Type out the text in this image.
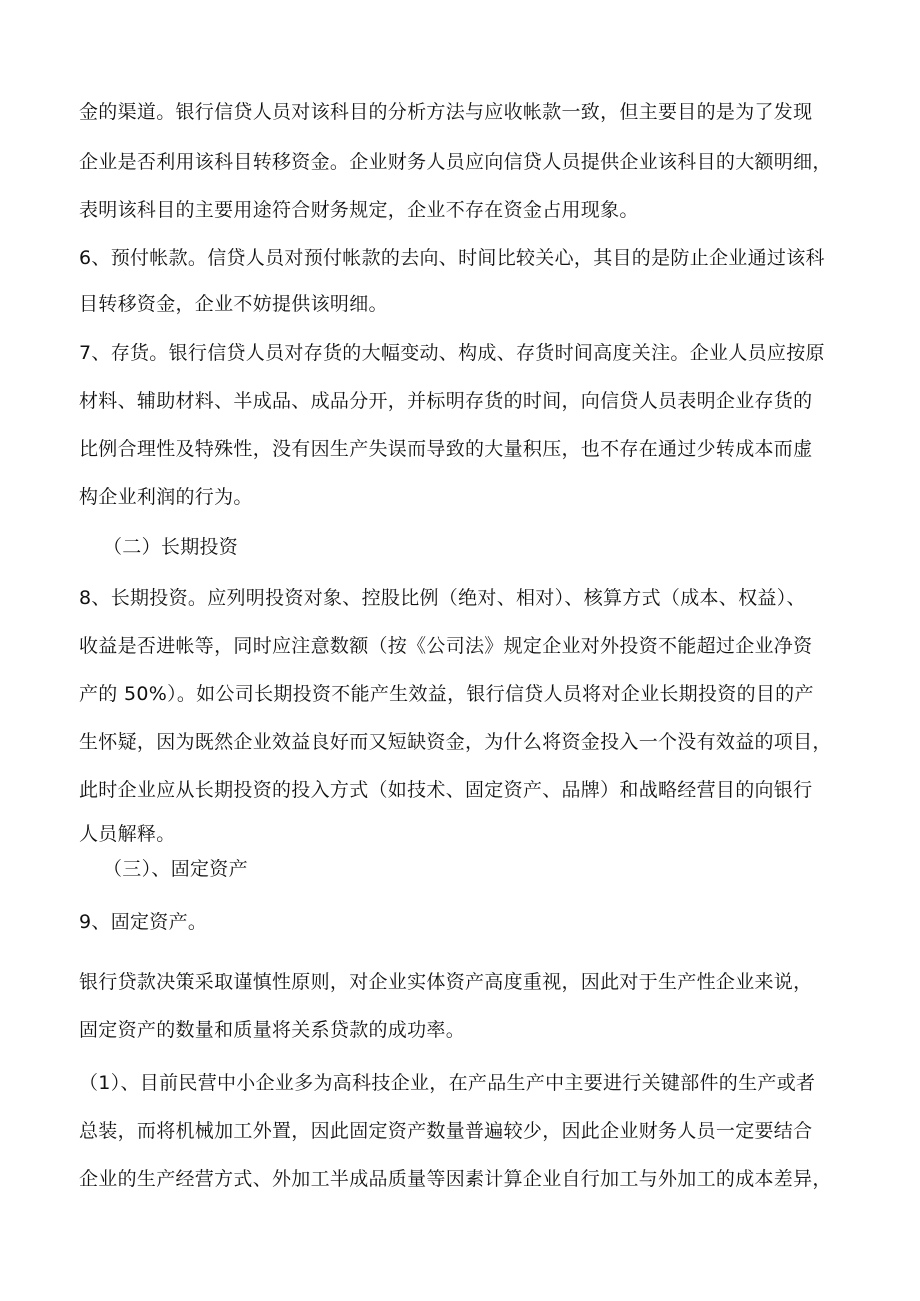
金的渠道。银行信贷人员对该科目的分析方法与应收帐款一致，但主要目的是为了发现
企业是否利用该科目转移资金。企业财务人员应向信贷人员提供企业该科目的大额明细，
表明该科目的主要用途符合财务规定，企业不存在资金占用现象。
6、预付帐款。信贷人员对预付帐款的去向、时间比较关心，其目的是防止企业通过该科
目转移资金，企业不妨提供该明细。
7、存货。银行信贷人员对存货的大幅变动、构成、存货时间高度关注。企业人员应按原
材料、辅助材料、半成品、成品分开，并标明存货的时间，向信贷人员表明企业存货的
比例合理性及特殊性，没有因生产失误而导致的大量积压，也不存在通过少转成本而虚
构企业利润的行为。
（二）长期投资
8、长期投资。应列明投资对象、控股比例（绝对、相对）、核算方式（成本、权益）、
收益是否进帐等，同时应注意数额（按《公司法》规定企业对外投资不能超过企业净资
产的 50%）。如公司长期投资不能产生效益，银行信贷人员将对企业长期投资的目的产
生怀疑，因为既然企业效益良好而又短缺资金，为什么将资金投入一个没有效益的项目，
此时企业应从长期投资的投入方式（如技术、固定资产、品牌）和战略经营目的向银行
人员解释。
（三）、固定资产
9、固定资产。
银行贷款决策采取谨慎性原则，对企业实体资产高度重视，因此对于生产性企业来说，
固定资产的数量和质量将关系贷款的成功率。
（1）、目前民营中小企业多为高科技企业，在产品生产中主要进行关键部件的生产或者
总装，而将机械加工外置，因此固定资产数量普遍较少，因此企业财务人员一定要结合
企业的生产经营方式、外加工半成品质量等因素计算企业自行加工与外加工的成本差异，
